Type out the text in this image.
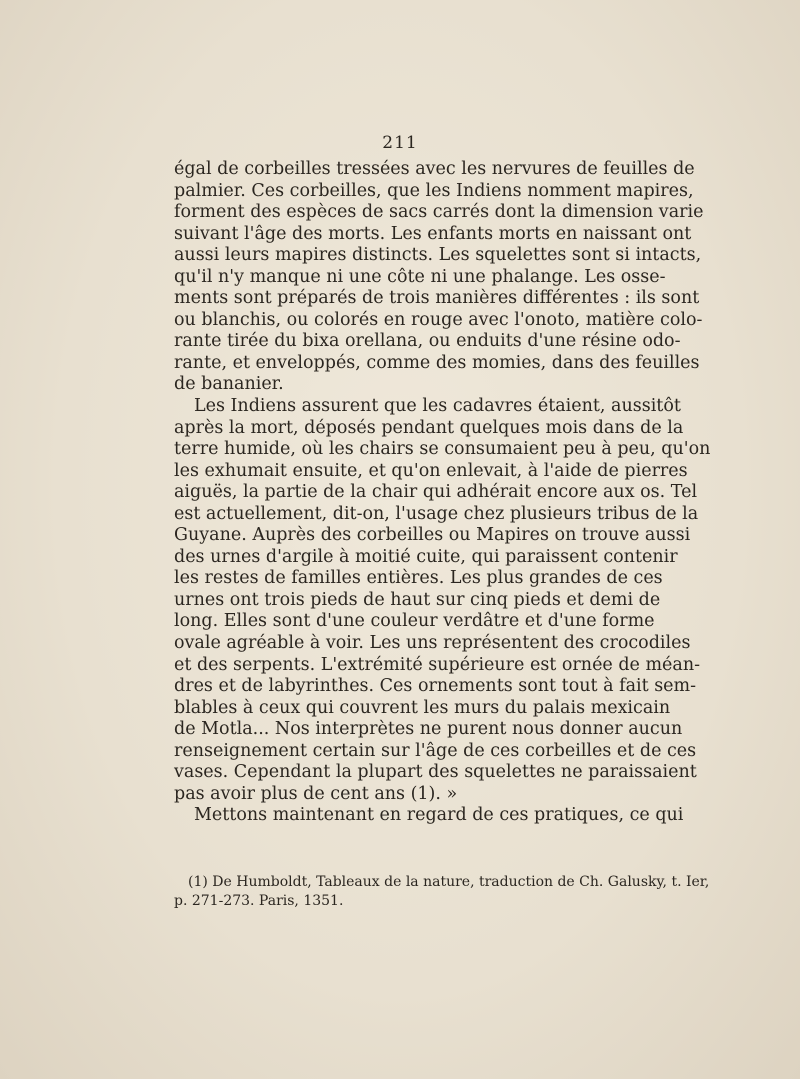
211
égal de corbeilles tressées avec les nervures de feuilles de
palmier. Ces corbeilles, que les Indiens nomment mapires,
forment des espèces de sacs carrés dont la dimension varie
suivant l'âge des morts. Les enfants morts en naissant ont
aussi leurs mapires distincts. Les squelettes sont si intacts,
qu'il n'y manque ni une côte ni une phalange. Les osse-
ments sont préparés de trois manières différentes : ils sont
ou blanchis, ou colorés en rouge avec l'onoto, matière colo-
rante tirée du bixa orellana, ou enduits d'une résine odo-
rante, et enveloppés, comme des momies, dans des feuilles
de bananier.
Les Indiens assurent que les cadavres étaient, aussitôt
après la mort, déposés pendant quelques mois dans de la
terre humide, où les chairs se consumaient peu à peu, qu'on
les exhumait ensuite, et qu'on enlevait, à l'aide de pierres
aiguës, la partie de la chair qui adhérait encore aux os. Tel
est actuellement, dit-on, l'usage chez plusieurs tribus de la
Guyane. Auprès des corbeilles ou Mapires on trouve aussi
des urnes d'argile à moitié cuite, qui paraissent contenir
les restes de familles entières. Les plus grandes de ces
urnes ont trois pieds de haut sur cinq pieds et demi de
long. Elles sont d'une couleur verdâtre et d'une forme
ovale agréable à voir. Les uns représentent des crocodiles
et des serpents. L'extrémité supérieure est ornée de méan-
dres et de labyrinthes. Ces ornements sont tout à fait sem-
blables à ceux qui couvrent les murs du palais mexicain
de Motla... Nos interprètes ne purent nous donner aucun
renseignement certain sur l'âge de ces corbeilles et de ces
vases. Cependant la plupart des squelettes ne paraissaient
pas avoir plus de cent ans (1). »
Mettons maintenant en regard de ces pratiques, ce qui
(1) De Humboldt, Tableaux de la nature, traduction de Ch. Galusky, t. Ier,
p. 271-273. Paris, 1351.
